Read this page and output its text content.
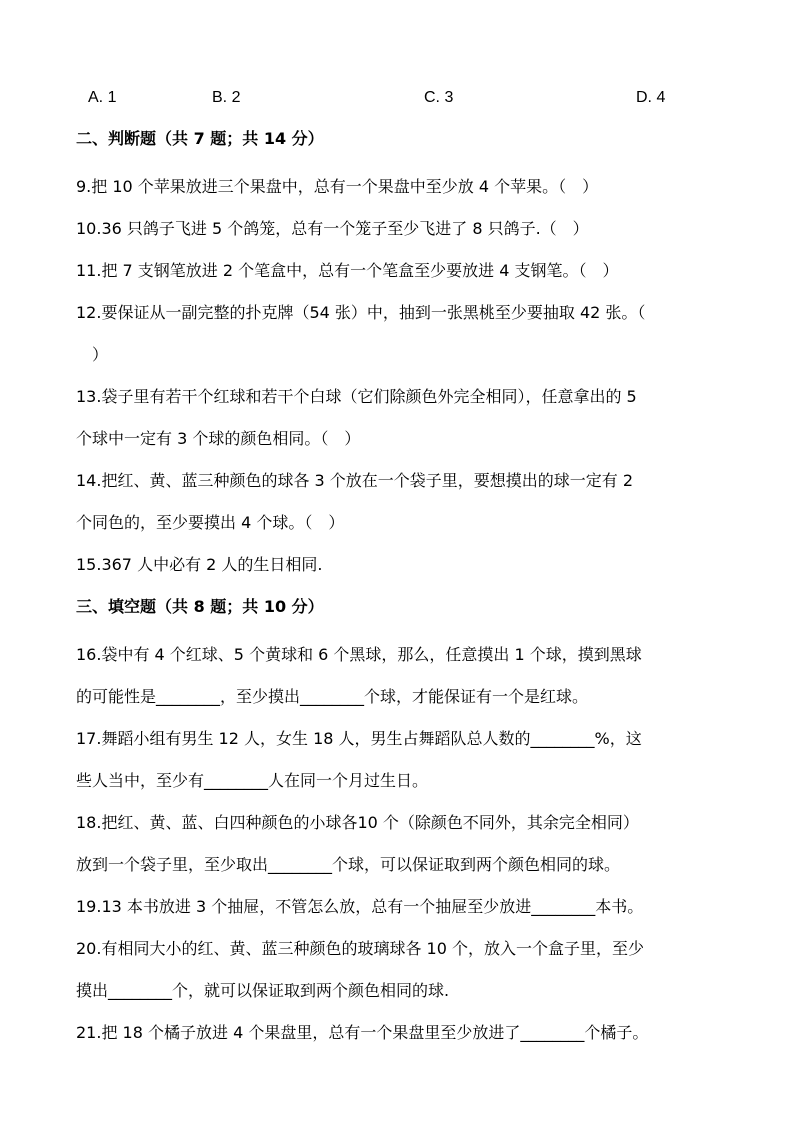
A. 1	B. 2	C. 3	D. 4
二、判断题（共 7 题；共 14 分）
9.把 10 个苹果放进三个果盘中，总有一个果盘中至少放 4 个苹果。（　）
10.36 只鸽子飞进 5 个鸽笼，总有一个笼子至少飞进了 8 只鸽子.（　）
11.把 7 支钢笔放进 2 个笔盒中，总有一个笔盒至少要放进 4 支钢笔。（　）
12.要保证从一副完整的扑克牌（54 张）中，抽到一张黑桃至少要抽取 42 张。（
）
13.袋子里有若干个红球和若干个白球（它们除颜色外完全相同），任意拿出的 5
个球中一定有 3 个球的颜色相同。（　）
14.把红、黄、蓝三种颜色的球各 3 个放在一个袋子里，要想摸出的球一定有 2
个同色的，至少要摸出 4 个球。（　）
15.367 人中必有 2 人的生日相同.
三、填空题（共 8 题；共 10 分）
16.袋中有 4 个红球、5 个黄球和 6 个黑球，那么，任意摸出 1 个球，摸到黑球
的可能性是________，至少摸出________个球，才能保证有一个是红球。
17.舞蹈小组有男生 12 人，女生 18 人，男生占舞蹈队总人数的________%，这
些人当中，至少有________人在同一个月过生日。
18.把红、黄、蓝、白四种颜色的小球各10 个（除颜色不同外，其余完全相同）
放到一个袋子里，至少取出________个球，可以保证取到两个颜色相同的球。
19.13 本书放进 3 个抽屉，不管怎么放，总有一个抽屉至少放进________本书。
20.有相同大小的红、黄、蓝三种颜色的玻璃球各 10 个，放入一个盒子里，至少
摸出________个，就可以保证取到两个颜色相同的球.
21.把 18 个橘子放进 4 个果盘里，总有一个果盘里至少放进了________个橘子。
